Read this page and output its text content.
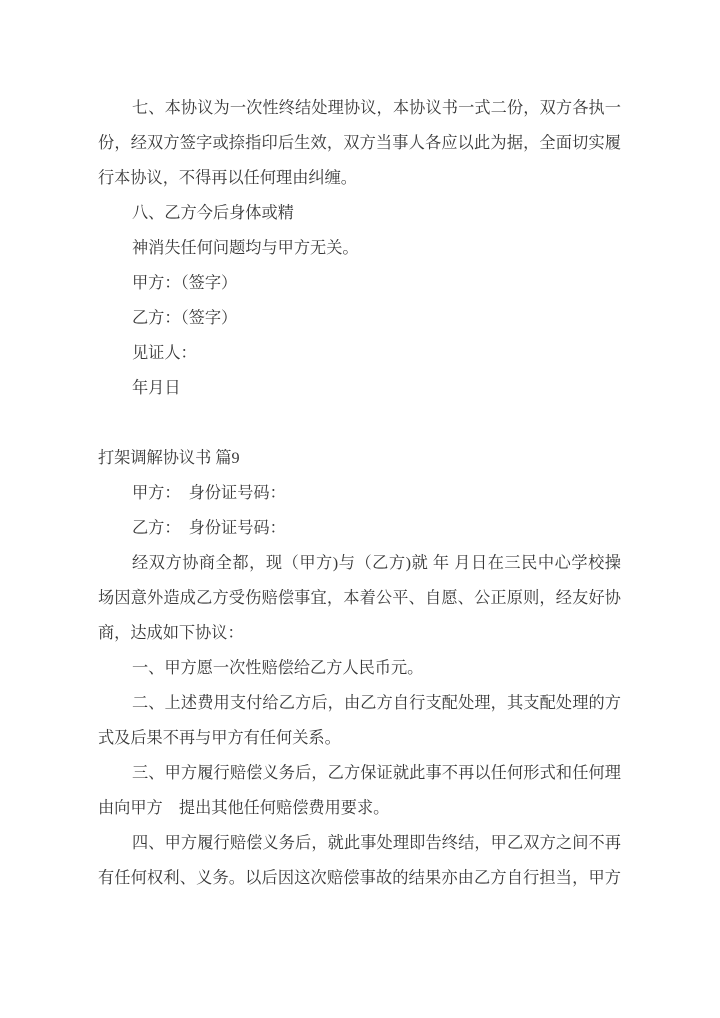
七、本协议为一次性终结处理协议，本协议书一式二份，双方各执一
份，经双方签字或捺指印后生效，双方当事人各应以此为据，全面切实履
行本协议，不得再以任何理由纠缠。
八、乙方今后身体或精
神消失任何问题均与甲方无关。
甲方：（签字）
乙方：（签字）
见证人：
年月日
打架调解协议书 篇9
甲方：　身份证号码：
乙方：　身份证号码：
经双方协商全都，现（甲方)与（乙方)就 年 月日在三民中心学校操
场因意外造成乙方受伤赔偿事宜，本着公平、自愿、公正原则，经友好协
商，达成如下协议：
一、甲方愿一次性赔偿给乙方人民币元。
二、上述费用支付给乙方后，由乙方自行支配处理，其支配处理的方
式及后果不再与甲方有任何关系。
三、甲方履行赔偿义务后，乙方保证就此事不再以任何形式和任何理
由向甲方　提出其他任何赔偿费用要求。
四、甲方履行赔偿义务后，就此事处理即告终结，甲乙双方之间不再
有任何权利、义务。以后因这次赔偿事故的结果亦由乙方自行担当，甲方
